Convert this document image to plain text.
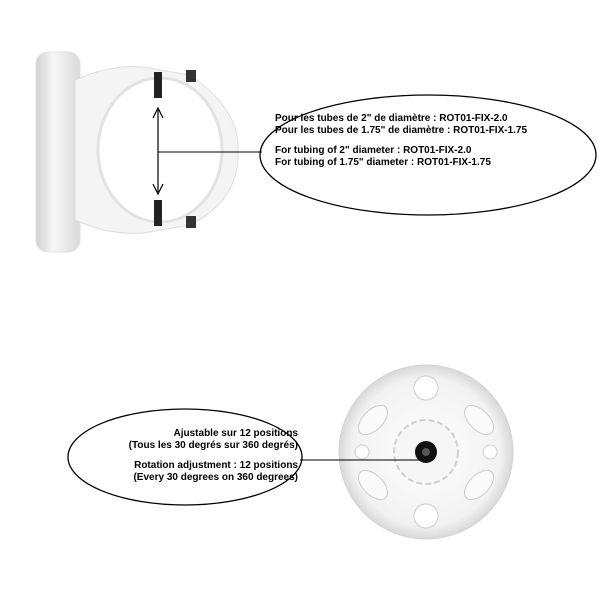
Pour les tubes de 2" de diamètre : ROT01-FIX-2.0
Pour les tubes de 1.75" de diamètre : ROT01-FIX-1.75
For tubing of 2" diameter : ROT01-FIX-2.0
For tubing of 1.75" diameter : ROT01-FIX-1.75
Ajustable sur 12 positions
(Tous les 30 degrés sur 360 degrés)
Rotation adjustment : 12 positions
(Every 30 degrees on 360 degrees)
